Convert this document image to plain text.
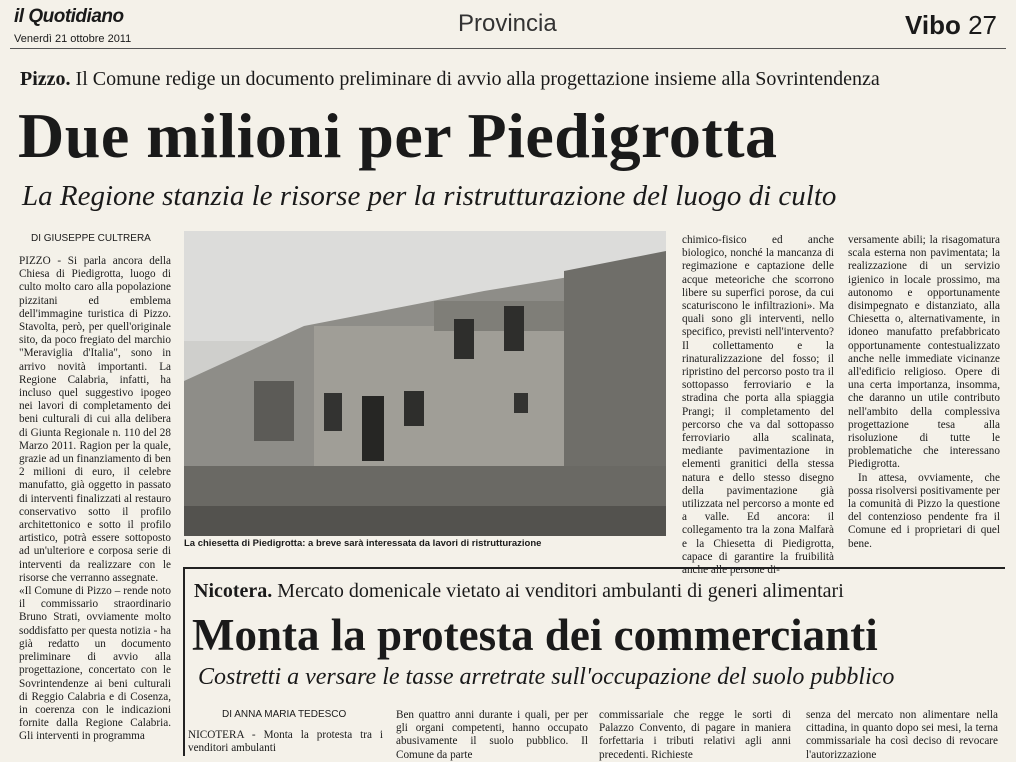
il Quotidiano
Venerdì 21 ottobre 2011
Provincia	Vibo 27
Pizzo. Il Comune redige un documento preliminare di avvio alla progettazione insieme alla Sovrintendenza
Due milioni per Piedigrotta
La Regione stanzia le risorse per la ristrutturazione del luogo di culto
DI GIUSEPPE CULTRERA
PIZZO - Si parla ancora della Chiesa di Piedigrotta, luogo di culto molto caro alla popolazione pizzitani ed emblema dell'immagine turistica di Pizzo. Stavolta, però, per quell'originale sito, da poco fregiato del marchio "Meraviglia d'Italia", sono in arrivo novità importanti. La Regione Calabria, infatti, ha incluso quel suggestivo ipogeo nei lavori di completamento dei beni culturali di cui alla delibera di Giunta Regionale n. 110 del 28 Marzo 2011. Ragion per la quale, grazie ad un finanziamento di ben 2 milioni di euro, il celebre manufatto, già oggetto in passato di interventi finalizzati al restauro conservativo sotto il profilo architettonico e sotto il profilo artistico, potrà essere sottoposto ad un'ulteriore e corposa serie di interventi da realizzare con le risorse che verranno assegnate.
«Il Comune di Pizzo – rende noto il commissario straordinario Bruno Strati, ovviamente molto soddisfatto per questa notizia - ha già redatto un documento preliminare di avvio alla progettazione, concertato con le Sovrintendenze ai beni culturali di Reggio Calabria e di Cosenza, in coerenza con le indicazioni fornite dalla Regione Calabria. Gli interventi in programma
La chiesetta di Piedigrotta: a breve sarà interessata da lavori di ristrutturazione
chimico-fisico ed anche biologico, nonché la mancanza di regimazione e captazione delle acque meteoriche che scorrono libere su superfici porose, da cui scaturiscono le infiltrazioni». Ma quali sono gli interventi, nello specifico, previsti nell'intervento? Il collettamento e la rinaturalizzazione del fosso; il ripristino del percorso posto tra il sottopasso ferroviario e la stradina che porta alla spiaggia Prangi; il completamento del percorso che va dal sottopasso ferroviario alla scalinata, mediante pavimentazione in elementi granitici della stessa natura e dello stesso disegno della pavimentazione già utilizzata nel percorso a monte ed a valle. Ed ancora: il collegamento tra la zona Malfarà e la Chiesetta di Piedigrotta, capace di garantire la fruibilità anche alle persone di-
versamente abili; la risagomatura scala esterna non pavimentata; la realizzazione di un servizio igienico in locale prossimo, ma autonomo e opportunamente disimpegnato e distanziato, alla Chiesetta o, alternativamente, in idoneo manufatto prefabbricato opportunamente contestualizzato anche nelle immediate vicinanze all'edificio religioso. Opere di una certa importanza, insomma, che daranno un utile contributo nell'ambito della complessiva progettazione tesa alla risoluzione di tutte le problematiche che interessano Piedigrotta.
In attesa, ovviamente, che possa risolversi positivamente per la comunità di Pizzo la questione del contenzioso pendente fra il Comune ed i proprietari di quel bene.
Nicotera. Mercato domenicale vietato ai venditori ambulanti di generi alimentari
Monta la protesta dei commercianti
Costretti a versare le tasse arretrate sull'occupazione del suolo pubblico
DI ANNA MARIA TEDESCO
NICOTERA - Monta la protesta tra i venditori ambulanti
Ben quattro anni durante i quali, per per gli organi competenti, hanno occupato abusivamente il suolo pubblico. Il Comune da parte
commissariale che regge le sorti di Palazzo Convento, di pagare in maniera forfettaria i tributi relativi agli anni precedenti. Richieste
senza del mercato non alimentare nella cittadina, in quanto dopo sei mesi, la terna commissariale ha così deciso di revocare l'autorizzazione
